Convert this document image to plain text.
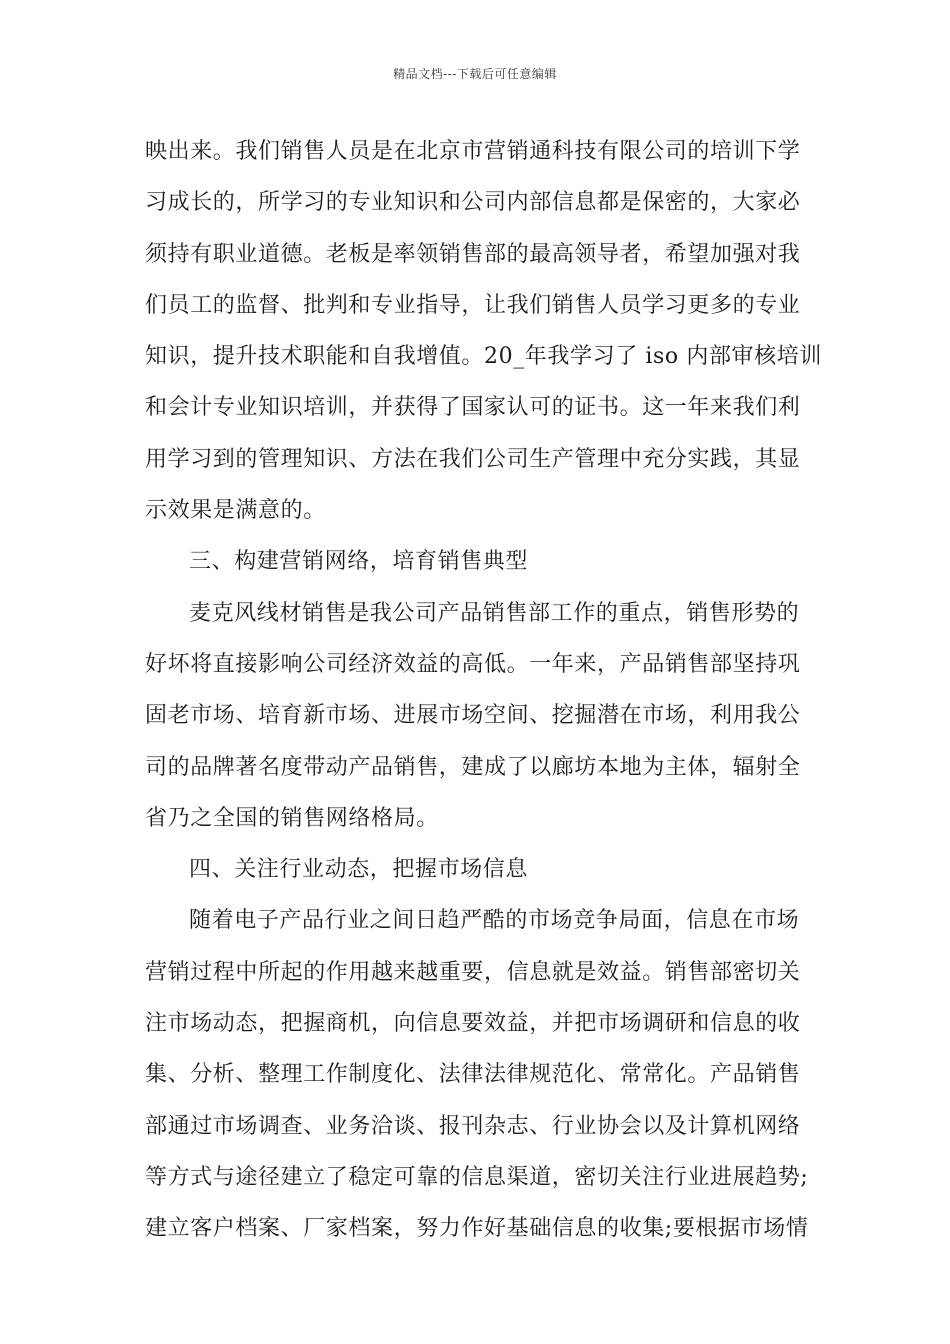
精品文档---下载后可任意编辑
映出来。我们销售人员是在北京市营销通科技有限公司的培训下学
习成长的，所学习的专业知识和公司内部信息都是保密的，大家必
须持有职业道德。老板是率领销售部的最高领导者，希望加强对我
们员工的监督、批判和专业指导，让我们销售人员学习更多的专业
知识，提升技术职能和自我增值。20_年我学习了 iso 内部审核培训
和会计专业知识培训，并获得了国家认可的证书。这一年来我们利
用学习到的管理知识、方法在我们公司生产管理中充分实践，其显
示效果是满意的。
三、构建营销网络，培育销售典型
麦克风线材销售是我公司产品销售部工作的重点，销售形势的
好坏将直接影响公司经济效益的高低。一年来，产品销售部坚持巩
固老市场、培育新市场、进展市场空间、挖掘潜在市场，利用我公
司的品牌著名度带动产品销售，建成了以廊坊本地为主体，辐射全
省乃之全国的销售网络格局。
四、关注行业动态，把握市场信息
随着电子产品行业之间日趋严酷的市场竞争局面，信息在市场
营销过程中所起的作用越来越重要，信息就是效益。销售部密切关
注市场动态，把握商机，向信息要效益，并把市场调研和信息的收
集、分析、整理工作制度化、法律法律规范化、常常化。产品销售
部通过市场调查、业务洽谈、报刊杂志、行业协会以及计算机网络
等方式与途径建立了稳定可靠的信息渠道，密切关注行业进展趋势;
建立客户档案、厂家档案，努力作好基础信息的收集;要根据市场情
